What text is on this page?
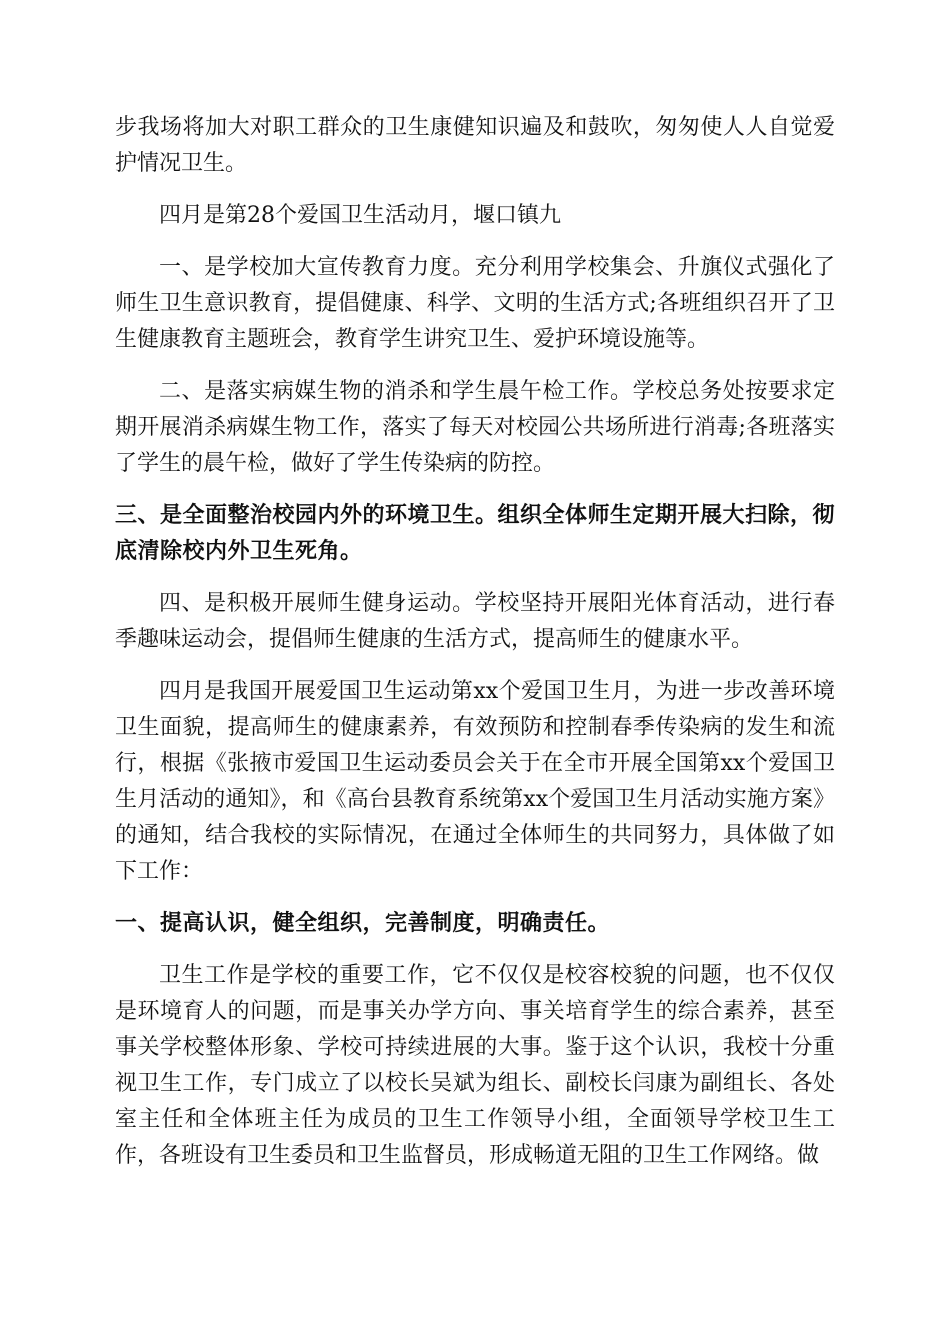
步我场将加大对职工群众的卫生康健知识遍及和鼓吹，匆匆使人人自觉爱护情况卫生。

四月是第28个爱国卫生活动月，堰口镇九

一、是学校加大宣传教育力度。充分利用学校集会、升旗仪式强化了师生卫生意识教育，提倡健康、科学、文明的生活方式;各班组织召开了卫生健康教育主题班会，教育学生讲究卫生、爱护环境设施等。

二、是落实病媒生物的消杀和学生晨午检工作。学校总务处按要求定期开展消杀病媒生物工作，落实了每天对校园公共场所进行消毒;各班落实了学生的晨午检，做好了学生传染病的防控。

三、是全面整治校园内外的环境卫生。组织全体师生定期开展大扫除，彻底清除校内外卫生死角。

四、是积极开展师生健身运动。学校坚持开展阳光体育活动，进行春季趣味运动会，提倡师生健康的生活方式，提高师生的健康水平。

四月是我国开展爱国卫生运动第xx个爱国卫生月，为进一步改善环境卫生面貌，提高师生的健康素养，有效预防和控制春季传染病的发生和流行，根据《张掖市爱国卫生运动委员会关于在全市开展全国第xx个爱国卫生月活动的通知》，和《高台县教育系统第xx个爱国卫生月活动实施方案》的通知，结合我校的实际情况，在通过全体师生的共同努力，具体做了如下工作：

一、提高认识，健全组织，完善制度，明确责任。

卫生工作是学校的重要工作，它不仅仅是校容校貌的问题，也不仅仅是环境育人的问题，而是事关办学方向、事关培育学生的综合素养，甚至事关学校整体形象、学校可持续进展的大事。鉴于这个认识，我校十分重视卫生工作，专门成立了以校长吴斌为组长、副校长闫康为副组长、各处室主任和全体班主任为成员的卫生工作领导小组，全面领导学校卫生工作，各班设有卫生委员和卫生监督员，形成畅道无阻的卫生工作网络。做
